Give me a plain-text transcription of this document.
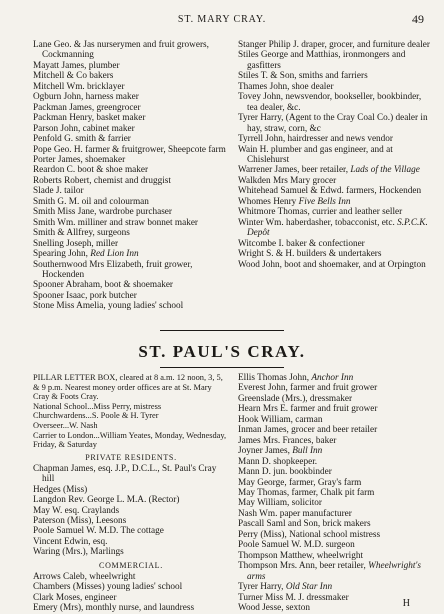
ST. MARY CRAY.	49
Lane Geo. & Jas nurserymen and fruit growers, Cockmanning
Mayatt James, plumber
Mitchell & Co bakers
Mitchell Wm. bricklayer
Ogburn John, harness maker
Packman James, greengrocer
Packman Henry, basket maker
Parson John, cabinet maker
Penfold G. smith & farrier
Pope Geo. H. farmer & fruitgrower, Sheepcote farm
Porter James, shoemaker
Reardon C. boot & shoe maker
Roberts Robert, chemist and druggist
Slade J. tailor
Smith G. M. oil and colourman
Smith Miss Jane, wardrobe purchaser
Smith Wm. milliner and straw bonnet maker
Smith & Allfrey, surgeons
Snelling Joseph, miller
Spearing John, Red Lion Inn
Southernwood Mrs Elizabeth, fruit grower, Hockenden
Spooner Abraham, boot & shoemaker
Spooner Isaac, pork butcher
Stone Miss Amelia, young ladies' school
Stanger Philip J. draper, grocer, and furniture dealer
Stiles George and Matthias, ironmongers and gasfitters
Stiles T. & Son, smiths and farriers
Thames John, shoe dealer
Tovey John, newsvendor, bookseller, bookbinder, tea dealer, &c.
Tyrer Harry, (Agent to the Cray Coal Co.) dealer in hay, straw, corn, &c
Tyrrell John, hairdresser and news vendor
Wain H. plumber and gas engineer, and at Chislehurst
Warrener James, beer retailer, Lads of the Village
Walkden Mrs Mary grocer
Whitehead Samuel & Edwd. farmers, Hockenden
Whomes Henry Five Bells Inn
Whitmore Thomas, currier and leather seller
Winter Wm. haberdasher, tobacconist, etc. S.P.C.K. Depôt
Witcombe I. baker & confectioner
Wright S. & H. builders & undertakers
Wood John, boot and shoemaker, and at Orpington
ST. PAUL'S CRAY.
PILLAR LETTER BOX, cleared at 8 a.m. 12 noon, 3, 5, & 9 p.m. Nearest money order offices are at St. Mary Cray & Foots Cray.
National School...Miss Perry, mistress
Churchwardens...S. Poole & H. Tyrer
Overseer...W. Nash
Carrier to London...William Yeates, Monday, Wednesday, Friday, & Saturday
PRIVATE RESIDENTS.
Chapman James, esq. J.P., D.C.L., St. Paul's Cray hill
Hedges (Miss)
Langdon Rev. George L. M.A. (Rector)
May W. esq. Craylands
Paterson (Miss), Leesons
Poole Samuel W. M.D. The cottage
Vincent Edwin, esq.
Waring (Mrs.), Marlings
COMMERCIAL.
Arrows Caleb, wheelwright
Chambers (Misses) young ladies' school
Clark Moses, engineer
Emery (Mrs), monthly nurse, and laundress
Ellis Thomas John, Anchor Inn
Everest John, farmer and fruit grower
Greenslade (Mrs.), dressmaker
Hearn Mrs E. farmer and fruit grower
Hook William, carman
Inman James, grocer and beer retailer
James Mrs. Frances, baker
Joyner James, Bull Inn
Mann D. shopkeeper.
Mann D. jun. bookbinder
May George, farmer, Gray's farm
May Thomas, farmer, Chalk pit farm
May William, solicitor
Nash Wm. paper manufacturer
Pascall Saml and Son, brick makers
Perry (Miss), National school mistress
Poole Samuel W. M.D. surgeon
Thompson Matthew, wheelwright
Thompson Mrs. Ann, beer retailer, Wheelwright's arms
Tyrer Harry, Old Star Inn
Turner Miss M. J. dressmaker
Wood Jesse, sexton	H
